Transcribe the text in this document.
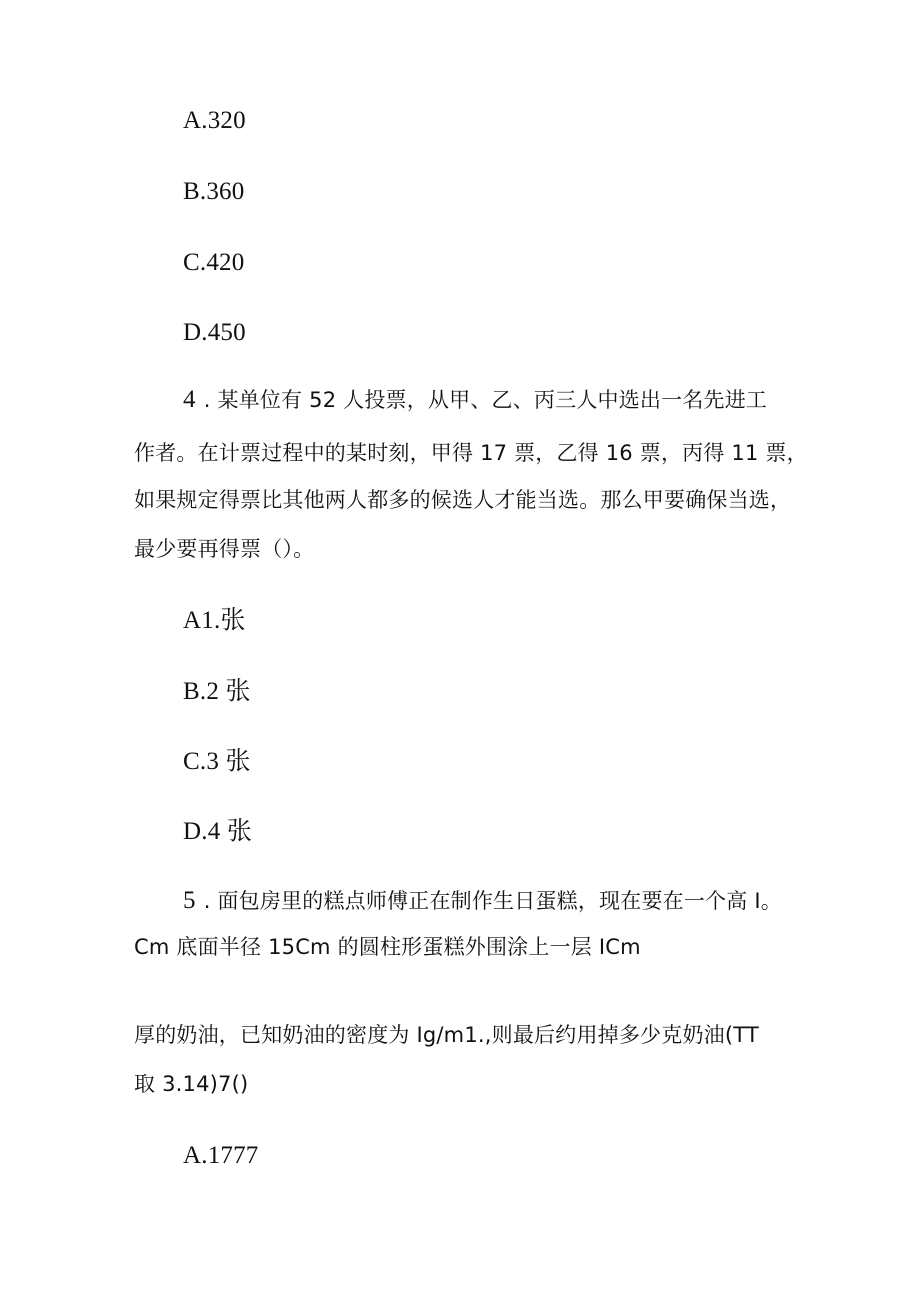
A.320
B.360
C.420
D.450
4 . 某单位有 52 人投票，从甲、乙、丙三人中选出一名先进工
作者。在计票过程中的某时刻，甲得 17 票，乙得 16 票，丙得 11 票，
如果规定得票比其他两人都多的候选人才能当选。那么甲要确保当选，
最少要再得票（）。
A1.张
B.2 张
C.3 张
D.4 张
5 . 面包房里的糕点师傅正在制作生日蛋糕，现在要在一个高 I。
Cm 底面半径 15Cm 的圆柱形蛋糕外围涂上一层 ICm
厚的奶油，已知奶油的密度为 Ig/m1.,则最后约用掉多少克奶油(TT
取 3.14)7()
A.1777
